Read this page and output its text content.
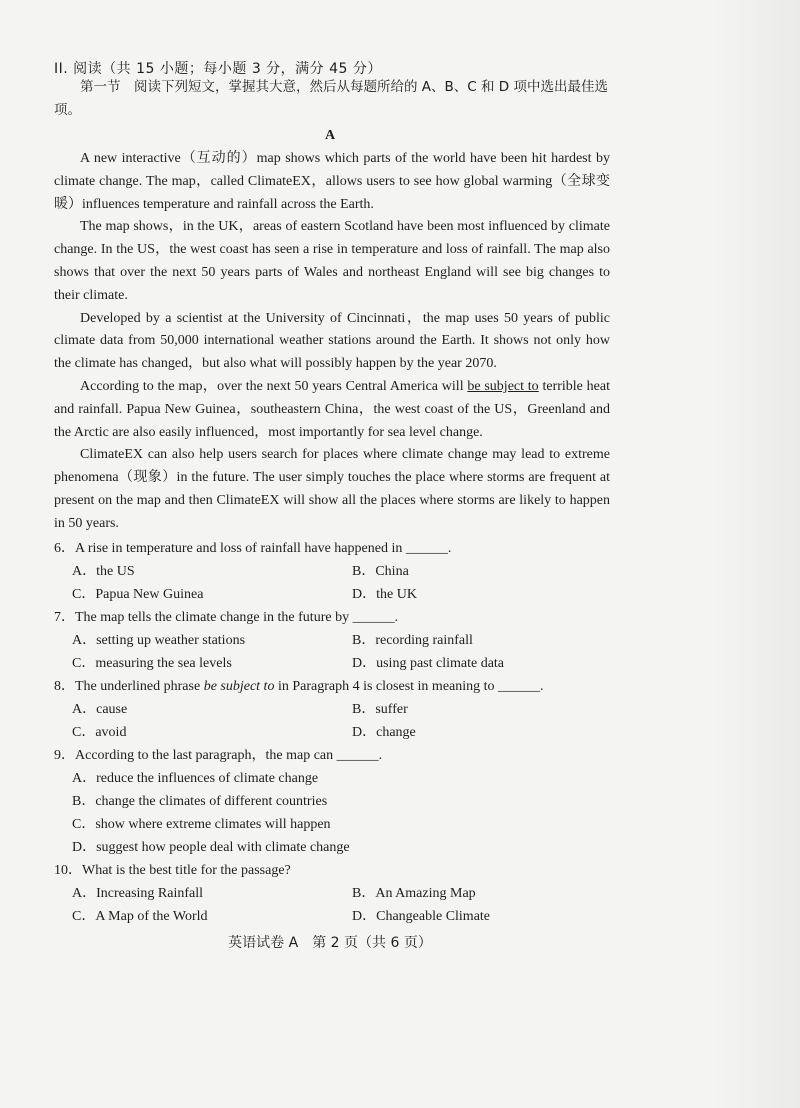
II. 阅读（共 15 小题；每小题 3 分，满分 45 分）
第一节　阅读下列短文，掌握其大意，然后从每题所给的 A、B、C 和 D 项中选出最佳选项。
A

A new interactive（互动的）map shows which parts of the world have been hit hardest by climate change. The map，called ClimateEX，allows users to see how global warming（全球变暖）influences temperature and rainfall across the Earth.

The map shows，in the UK，areas of eastern Scotland have been most influenced by climate change. In the US，the west coast has seen a rise in temperature and loss of rainfall. The map also shows that over the next 50 years parts of Wales and northeast England will see big changes to their climate.

Developed by a scientist at the University of Cincinnati，the map uses 50 years of public climate data from 50,000 international weather stations around the Earth. It shows not only how the climate has changed，but also what will possibly happen by the year 2070.

According to the map，over the next 50 years Central America will be subject to terrible heat and rainfall. Papua New Guinea，southeastern China，the west coast of the US，Greenland and the Arctic are also easily influenced，most importantly for sea level change.

ClimateEX can also help users search for places where climate change may lead to extreme phenomena（现象）in the future. The user simply touches the place where storms are frequent at present on the map and then ClimateEX will show all the places where storms are likely to happen in 50 years.

6．A rise in temperature and loss of rainfall have happened in ______.
A．the US	B．China
C．Papua New Guinea	D．the UK
7．The map tells the climate change in the future by ______.
A．setting up weather stations	B．recording rainfall
C．measuring the sea levels	D．using past climate data
8．The underlined phrase be subject to in Paragraph 4 is closest in meaning to ______.
A．cause	B．suffer
C．avoid	D．change
9．According to the last paragraph，the map can ______.
A．reduce the influences of climate change
B．change the climates of different countries
C．show where extreme climates will happen
D．suggest how people deal with climate change
10．What is the best title for the passage?
A．Increasing Rainfall	B．An Amazing Map
C．A Map of the World	D．Changeable Climate
英语试卷 A　第 2 页（共 6 页）
